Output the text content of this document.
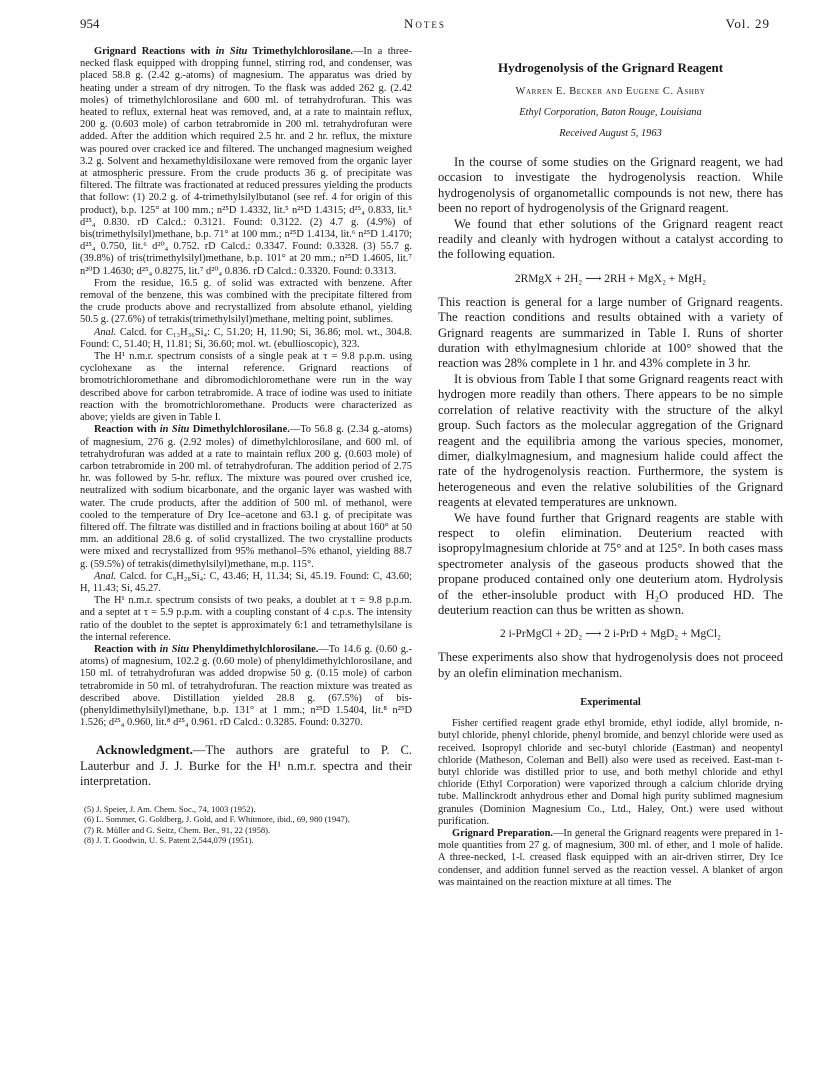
954	Notes	Vol. 29

Grignard Reactions with in Situ Trimethylchlorosilane.—In a three-necked flask equipped with dropping funnel, stirring rod, and condenser, was placed 58.8 g. (2.42 g.-atoms) of magnesium. The apparatus was dried by heating under a stream of dry nitrogen. To the flask was added 262 g. (2.42 moles) of trimethylchlorosilane and 600 ml. of tetrahydrofuran. This was heated to reflux, external heat was removed, and, at a rate to maintain reflux, 200 g. (0.603 mole) of carbon tetrabromide in 200 ml. tetrahydrofuran were added. After the addition which required 2.5 hr. and 2 hr. reflux, the mixture was poured over cracked ice and filtered. The unchanged magnesium weighed 3.2 g. Solvent and hexamethyldisiloxane were removed from the organic layer at atmospheric pressure. From the crude products 36 g. of precipitate was filtered. The filtrate was fractionated at reduced pressures yielding the products that follow: (1) 20.2 g. of 4-trimethylsilylbutanol (see ref. 4 for origin of this product), b.p. 125° at 100 mm.; n²⁵D 1.4332, lit.⁵ n²⁵D 1.4315; d²⁵₄ 0.833, lit.⁵ d²⁵₄ 0.830. rD Calcd.: 0.3121. Found: 0.3122. (2) 4.7 g. (4.9%) of bis(trimethylsilyl)methane, b.p. 71° at 100 mm.; n²⁵D 1.4134, lit.⁶ n²⁵D 1.4170; d²⁵₄ 0.750, lit.⁶ d²⁰₄ 0.752. rD Calcd.: 0.3347. Found: 0.3328. (3) 55.7 g. (39.8%) of tris(trimethylsilyl)methane, b.p. 101° at 20 mm.; n²⁵D 1.4605, lit.⁷ n²⁰D 1.4630; d²⁵₄ 0.8275, lit.⁷ d²⁰₄ 0.836. rD Calcd.: 0.3320. Found: 0.3313.

From the residue, 16.5 g. of solid was extracted with benzene. After removal of the benzene, this was combined with the precipitate filtered from the crude products above and recrystallized from absolute ethanol, yielding 50.5 g. (27.6%) of tetrakis(trimethylsilyl)methane, melting point, sublimes.

Anal. Calcd. for C₁₃H₃₆Si₄: C, 51.20; H, 11.90; Si, 36.86; mol. wt., 304.8. Found: C, 51.40; H, 11.81; Si, 36.60; mol. wt. (ebullioscopic), 323.

The H¹ n.m.r. spectrum consists of a single peak at τ = 9.8 p.p.m. using cyclohexane as the internal reference. Grignard reactions of bromotrichloromethane and dibromodichloromethane were run in the way described above for carbon tetrabromide. A trace of iodine was used to initiate reaction with the bromotrichloromethane. Products were characterized as above; yields are given in Table I.

Reaction with in Situ Dimethylchlorosilane.—To 56.8 g. (2.34 g.-atoms) of magnesium, 276 g. (2.92 moles) of dimethylchlorosilane, and 600 ml. of tetrahydrofuran was added at a rate to maintain reflux 200 g. (0.603 mole) of carbon tetrabromide in 200 ml. of tetrahydrofuran. The addition period of 2.75 hr. was followed by 5-hr. reflux. The mixture was poured over crushed ice, neutralized with sodium bicarbonate, and the organic layer was washed with water. The crude products, after the addition of 500 ml. of methanol, were cooled to the temperature of Dry Ice–acetone and 63.1 g. of precipitate was filtered off. The filtrate was distilled and in fractions boiling at about 160° at 50 mm. an additional 28.6 g. of solid crystallized. The two crystalline products were mixed and recrystallized from 95% methanol–5% ethanol, yielding 88.7 g. (59.5%) of tetrakis(dimethylsilyl)methane, m.p. 115°.

Anal. Calcd. for C₉H₂₈Si₄: C, 43.46; H, 11.34; Si, 45.19. Found: C, 43.60; H, 11.43; Si, 45.27.

The H¹ n.m.r. spectrum consists of two peaks, a doublet at τ = 9.8 p.p.m. and a septet at τ = 5.9 p.p.m. with a coupling constant of 4 c.p.s. The intensity ratio of the doublet to the septet is approximately 6:1 and tetramethylsilane is the internal reference.

Reaction with in Situ Phenyldimethylchlorosilane.—To 14.6 g. (0.60 g.-atoms) of magnesium, 102.2 g. (0.60 mole) of phenyldimethylchlorosilane, and 150 ml. of tetrahydrofuran was added dropwise 50 g. (0.15 mole) of carbon tetrabromide in 50 ml. of tetrahydrofuran. The reaction mixture was treated as described above. Distillation yielded 28.8 g. (67.5%) of bis-(phenyldimethylsilyl)methane, b.p. 131° at 1 mm.; n²⁵D 1.5404, lit.⁸ n²⁵D 1.526; d²⁵₄ 0.960, lit.⁸ d²⁵₄ 0.961. rD Calcd.: 0.3285. Found: 0.3270.

Acknowledgment.—The authors are grateful to P. C. Lauterbur and J. J. Burke for the H¹ n.m.r. spectra and their interpretation.

(5) J. Speier, J. Am. Chem. Soc., 74, 1003 (1952).
(6) L. Sommer, G. Goldberg, J. Gold, and F. Whitmore, ibid., 69, 980 (1947).
(7) R. Müller and G. Seitz, Chem. Ber., 91, 22 (1958).
(8) J. T. Goodwin, U. S. Patent 2,544,079 (1951).
Hydrogenolysis of the Grignard Reagent
Warren E. Becker and Eugene C. Ashby
Ethyl Corporation, Baton Rouge, Louisiana
Received August 5, 1963

In the course of some studies on the Grignard reagent, we had occasion to investigate the hydrogenolysis reaction. While hydrogenolysis of organometallic compounds is not new, there has been no report of hydrogenolysis of the Grignard reagent.

We found that ether solutions of the Grignard reagent react readily and cleanly with hydrogen without a catalyst according to the following equation.

2RMgX + 2H₂ ⟶ 2RH + MgX₂ + MgH₂

This reaction is general for a large number of Grignard reagents. The reaction conditions and results obtained with a variety of Grignard reagents are summarized in Table I. Runs of shorter duration with ethylmagnesium chloride at 100° showed that the reaction was 28% complete in 1 hr. and 43% complete in 3 hr.

It is obvious from Table I that some Grignard reagents react with hydrogen more readily than others. There appears to be no simple correlation of relative reactivity with the structure of the alkyl group. Such factors as the molecular aggregation of the Grignard reagent and the equilibria among the various species, monomer, dimer, dialkylmagnesium, and magnesium halide could affect the rate of the hydrogenolysis reaction. Furthermore, the system is heterogeneous and even the relative solubilities of the Grignard reagents at elevated temperatures are unknown.

We have found further that Grignard reagents are stable with respect to olefin elimination. Deuterium reacted with isopropylmagnesium chloride at 75° and at 125°. In both cases mass spectrometer analysis of the gaseous products showed that the propane produced contained only one deuterium atom. Hydrolysis of the ether-insoluble product with H₂O produced HD. The deuterium reaction can thus be written as shown.

2 i-PrMgCl + 2D₂ ⟶ 2 i-PrD + MgD₂ + MgCl₂

These experiments also show that hydrogenolysis does not proceed by an olefin elimination mechanism.

Experimental

Fisher certified reagent grade ethyl bromide, ethyl iodide, allyl bromide, n-butyl chloride, phenyl chloride, phenyl bromide, and benzyl chloride were used as received. Isopropyl chloride and sec-butyl chloride (Eastman) and neopentyl chloride (Matheson, Coleman and Bell) also were used as received. East-man t-butyl chloride was distilled prior to use, and both methyl chloride and ethyl chloride (Ethyl Corporation) were vaporized through a calcium chloride drying tube. Mallinckrodt anhydrous ether and Domal high purity sublimed magnesium granules (Dominion Magnesium Co., Ltd., Haley, Ont.) were used without purification.

Grignard Preparation.—In general the Grignard reagents were prepared in 1-mole quantities from 27 g. of magnesium, 300 ml. of ether, and 1 mole of halide. A three-necked, 1-l. creased flask equipped with an air-driven stirrer, Dry Ice condenser, and addition funnel served as the reaction vessel. A blanket of argon was maintained on the reaction mixture at all times. The
